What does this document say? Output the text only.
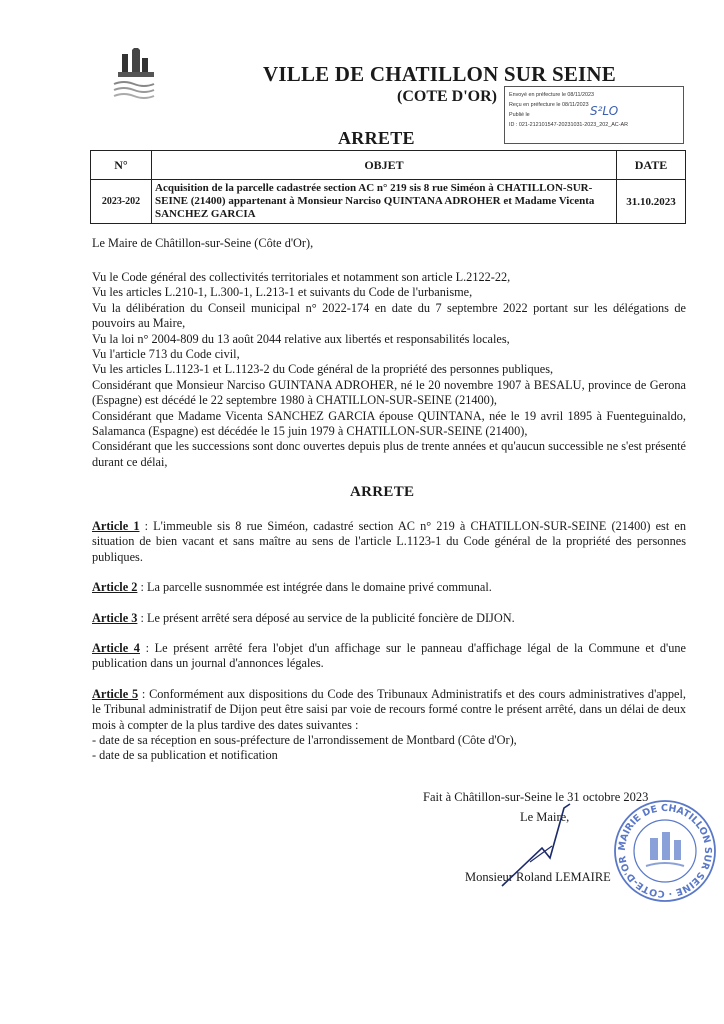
VILLE DE CHATILLON SUR SEINE
(COTE D'OR) Envoyé en préfecture le 08/11/2023
Reçu en préfecture le 08/11/2023
Publié le
ID : 021-212101547-20231031-2023_202_AC-AR
S²LO
ARRETE
N°	OBJET	DATE
2023-202	Acquisition de la parcelle cadastrée section AC n° 219 sis 8 rue Siméon à CHATILLON-SUR-SEINE (21400) appartenant à Monsieur Narciso QUINTANA ADROHER et Madame Vicenta SANCHEZ GARCIA	31.10.2023
Le Maire de Châtillon-sur-Seine (Côte d'Or),
Vu le Code général des collectivités territoriales et notamment son article L.2122-22,
Vu les articles L.210-1, L.300-1, L.213-1 et suivants du Code de l'urbanisme,
Vu la délibération du Conseil municipal n° 2022-174 en date du 7 septembre 2022 portant sur les délégations de pouvoirs au Maire,
Vu la loi n° 2004-809 du 13 août 2044 relative aux libertés et responsabilités locales,
Vu l'article 713 du Code civil,
Vu les articles L.1123-1 et L.1123-2 du Code général de la propriété des personnes publiques,
Considérant que Monsieur Narciso GUINTANA ADROHER, né le 20 novembre 1907 à BESALU, province de Gerona (Espagne) est décédé le 22 septembre 1980 à CHATILLON-SUR-SEINE (21400),
Considérant que Madame Vicenta SANCHEZ GARCIA épouse QUINTANA, née le 19 avril 1895 à Fuenteguinaldo, Salamanca (Espagne) est décédée le 15 juin 1979 à CHATILLON-SUR-SEINE (21400),
Considérant que les successions sont donc ouvertes depuis plus de trente années et qu'aucun successible ne s'est présenté durant ce délai,
ARRETE
Article 1 : L'immeuble sis 8 rue Siméon, cadastré section AC n° 219 à CHATILLON-SUR-SEINE (21400) est en situation de bien vacant et sans maître au sens de l'article L.1123-1 du Code général de la propriété des personnes publiques.
Article 2 : La parcelle susnommée est intégrée dans le domaine privé communal.
Article 3 : Le présent arrêté sera déposé au service de la publicité foncière de DIJON.
Article 4 : Le présent arrêté fera l'objet d'un affichage sur le panneau d'affichage légal de la Commune et d'une publication dans un journal d'annonces légales.
Article 5 : Conformément aux dispositions du Code des Tribunaux Administratifs et des cours administratives d'appel, le Tribunal administratif de Dijon peut être saisi par voie de recours formé contre le présent arrêté, dans un délai de deux mois à compter de la plus tardive des dates suivantes :
- date de sa réception en sous-préfecture de l'arrondissement de Montbard (Côte d'Or),
- date de sa publication et notification
Fait à Châtillon-sur-Seine le 31 octobre 2023
Le Maire,
Monsieur Roland LEMAIRE
MAIRIE DE CHATILLON SUR SEINE · COTE-D'OR
